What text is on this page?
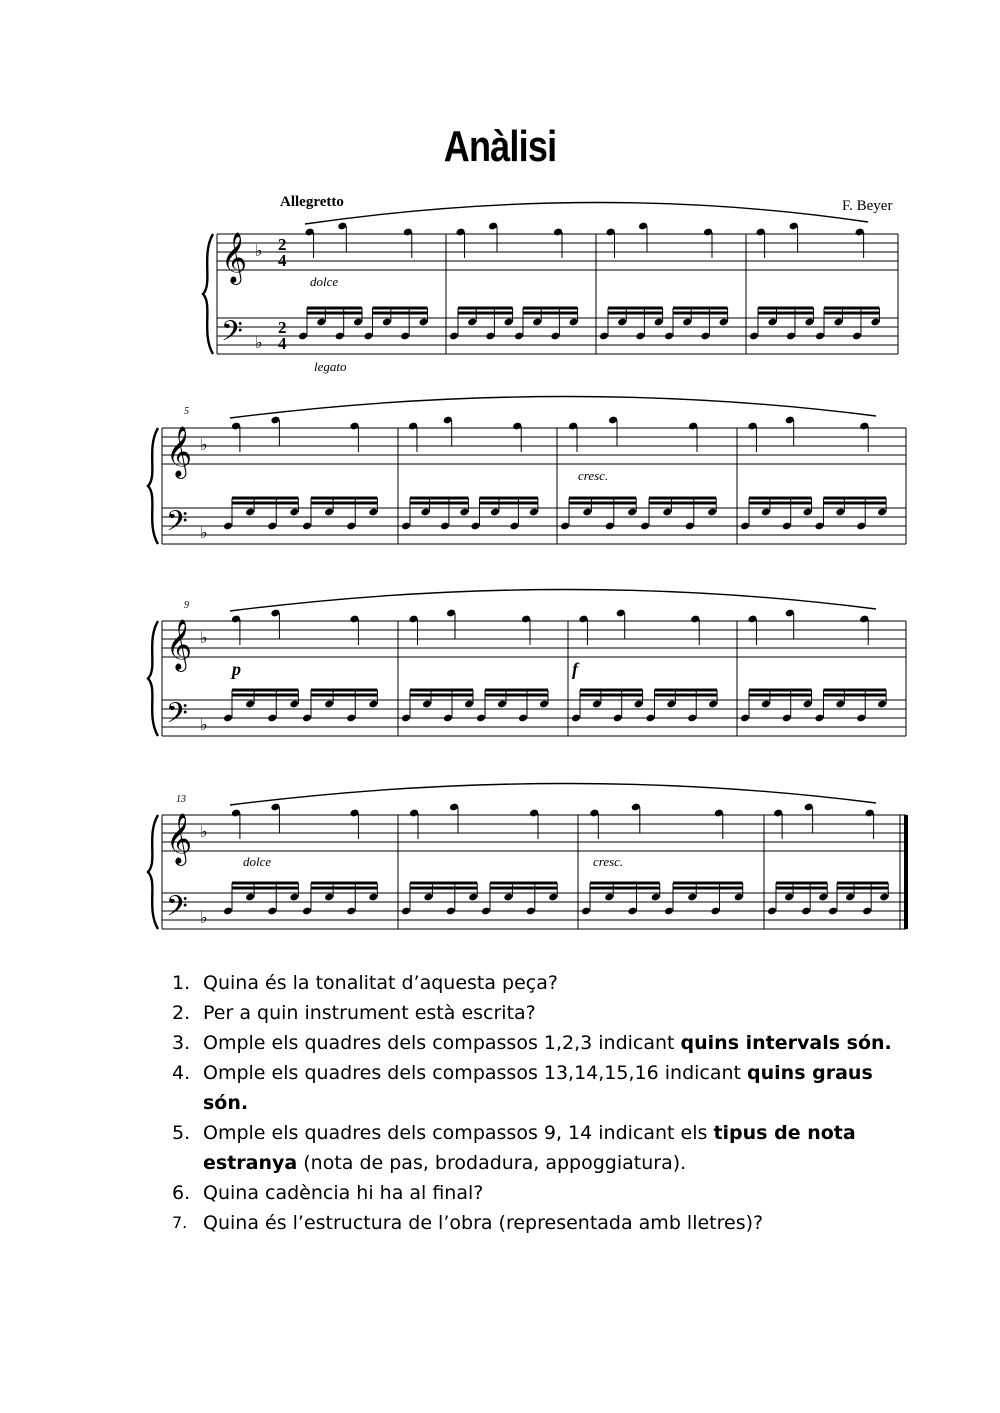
Anàlisi
𝄞
𝄢
♭
♭
𝄞
𝄢
♭
♭
𝄞
𝄢
♭
♭
𝄞
𝄢
♭
♭
Allegretto	F. Beyer
2
4
2
4
5
9
13
dolce
legato
cresc.
p	f
dolce	cresc.
1. Quina és la tonalitat d’aquesta peça?
2. Per a quin instrument està escrita?
3. Omple els quadres dels compassos 1,2,3 indicant quins intervals són.
4. Omple els quadres dels compassos 13,14,15,16 indicant quins graus són.
5. Omple els quadres dels compassos 9, 14 indicant els tipus de nota estranya (nota de pas, brodadura, appoggiatura).
6. Quina cadència hi ha al final?
7. Quina és l’estructura de l’obra (representada amb lletres)?
